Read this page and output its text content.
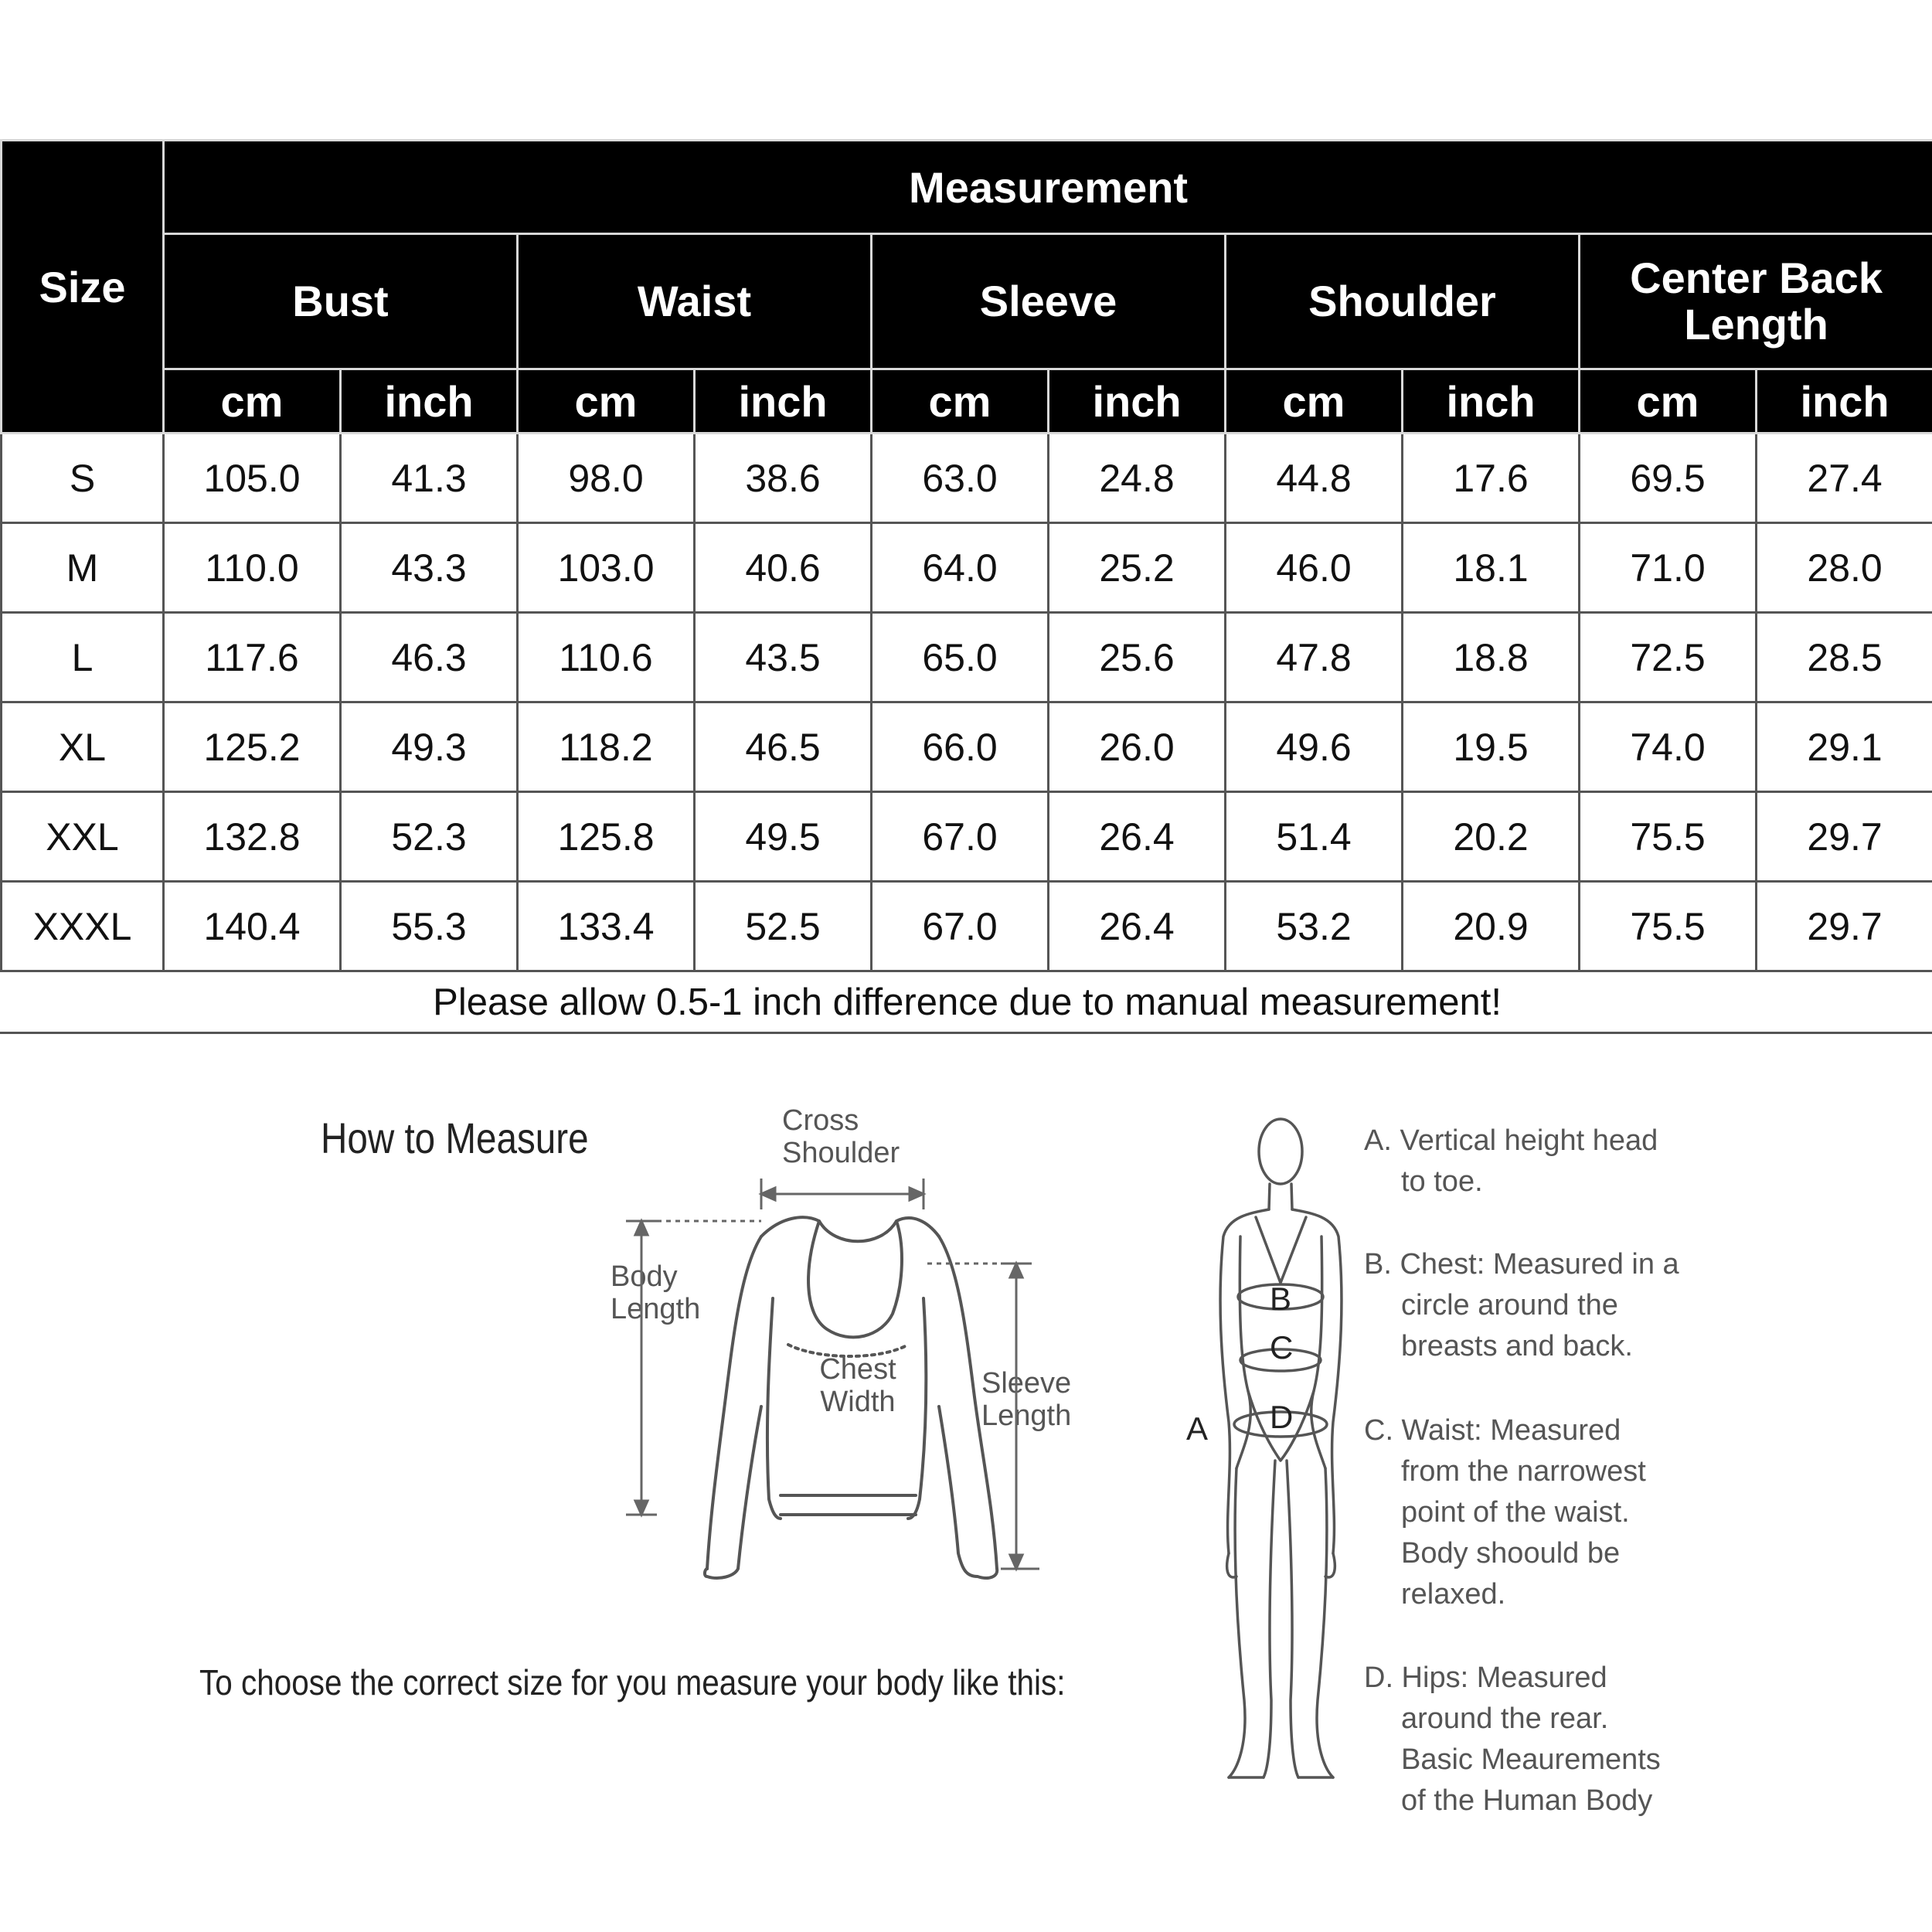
Size	Measurement									
	Bust		Waist		Sleeve		Shoulder		Center Back Length	
	cm	inch	cm	inch	cm	inch	cm	inch	cm	inch
S	105.0	41.3	98.0	38.6	63.0	24.8	44.8	17.6	69.5	27.4
M	110.0	43.3	103.0	40.6	64.0	25.2	46.0	18.1	71.0	28.0
L	117.6	46.3	110.6	43.5	65.0	25.6	47.8	18.8	72.5	28.5
XL	125.2	49.3	118.2	46.5	66.0	26.0	49.6	19.5	74.0	29.1
XXL	132.8	52.3	125.8	49.5	67.0	26.4	51.4	20.2	75.5	29.7
XXXL	140.4	55.3	133.4	52.5	67.0	26.4	53.2	20.9	75.5	29.7
Please allow 0.5-1 inch difference due to manual measurement!										
How to Measure	Cross Shoulder
Body Length
Chest Width
Sleeve Length
To choose the correct size for you measure your body like this:
A
B
C
D
A. Vertical height head
to toe.
B. Chest: Measured in a
circle around the
breasts and back.
C. Waist: Measured
from the narrowest
point of the waist.
Body shoould be
relaxed.
D. Hips: Measured
around the rear.
Basic Meaurements
of the Human Body
